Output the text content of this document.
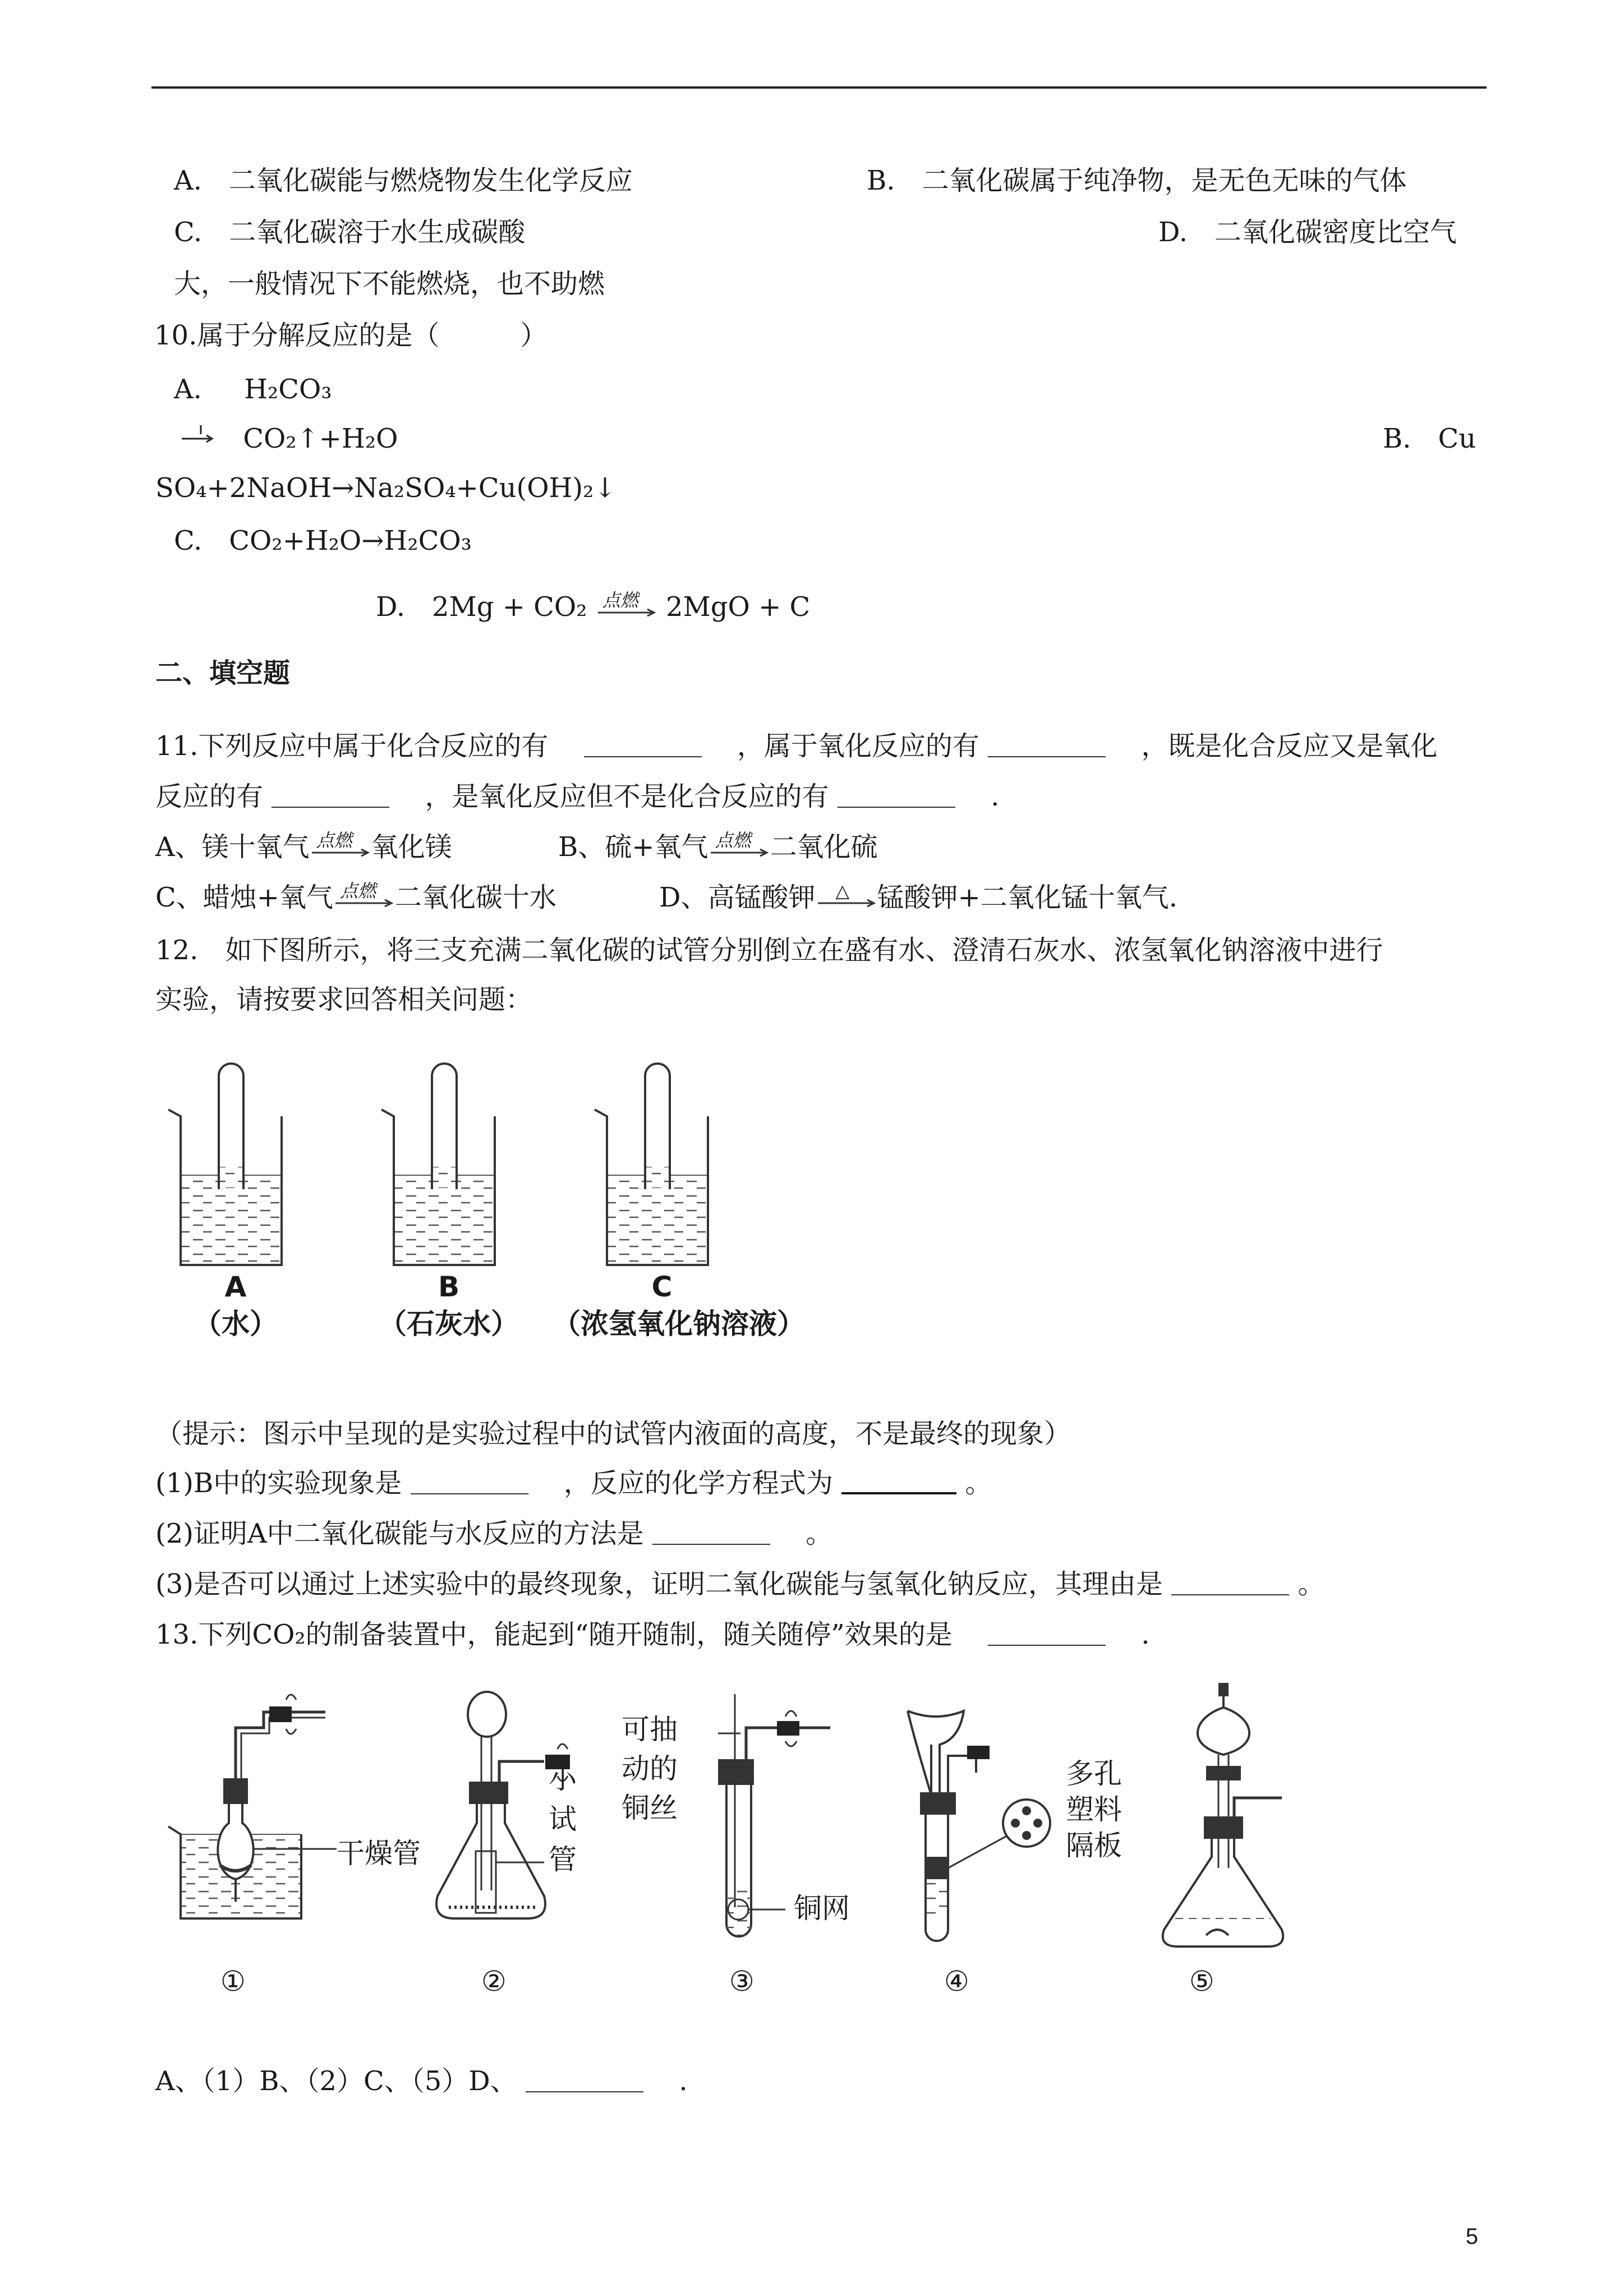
A.　二氧化碳能与燃烧物发生化学反应	B.　二氧化碳属于纯净物，是无色无味的气体
C.　二氧化碳溶于水生成碳酸	D.　二氧化碳密度比空气
大，一般情况下不能燃烧，也不助燃
10.属于分解反应的是（　　　）
A. H₂CO₃
CO₂↑+H₂O	B.　Cu
SO₄+2NaOH→Na₂SO₄+Cu(OH)₂↓
C.　CO₂+H₂O→H₂CO₃
D.　2Mg + CO₂ 点燃 2MgO + C
二、填空题
11.下列反应中属于化合反应的有	，属于氧化反应的有	，既是化合反应又是氧化
反应的有	，是氧化反应但不是化合反应的有	.
A、镁十氧气 点燃 氧化镁	B、硫+氧气 点燃 二氧化硫
C、蜡烛+氧气 点燃 二氧化碳十水	D、高锰酸钾 △ 锰酸钾+二氧化锰十氧气.
12.　如下图所示，将三支充满二氧化碳的试管分别倒立在盛有水、澄清石灰水、浓氢氧化钠溶液中进行
实验，请按要求回答相关问题：
A
（水）
B
（石灰水）
C
（浓氢氧化钠溶液）
（提示：图示中呈现的是实验过程中的试管内液面的高度，不是最终的现象）
(1)B中的实验现象是	，反应的化学方程式为	。
(2)证明A中二氧化碳能与水反应的方法是	。
(3)是否可以通过上述实验中的最终现象，证明二氧化碳能与氢氧化钠反应，其理由是	。
13.下列CO₂的制备装置中，能起到“随开随制，随关随停”效果的是	.
干燥管
小
试
管
可抽
动的
铜丝
铜网
多孔
塑料
隔板
①	②	③	④	⑤
A、（1）B、（2）C、（5）D、	.
5
